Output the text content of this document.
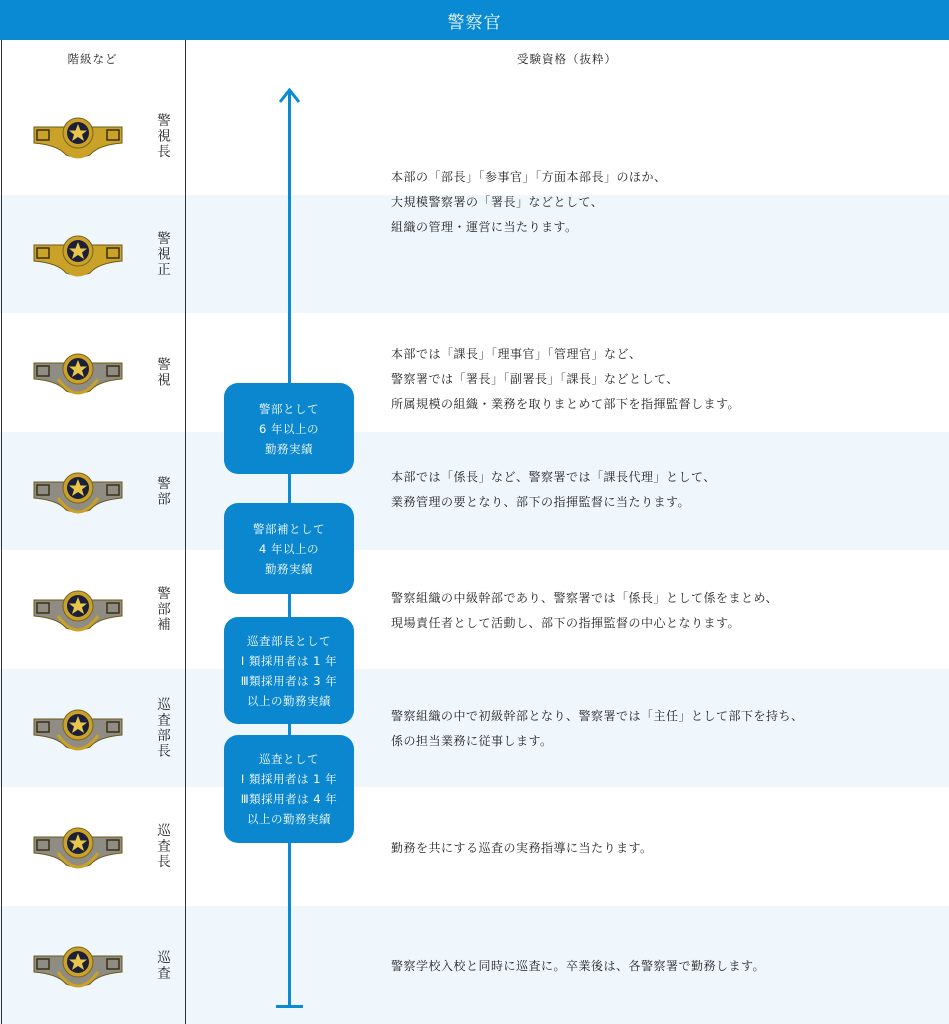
警察官
警視長
警視正
警視
警部
警部補
巡査部長
巡査長
巡査
階級など	受験資格（抜粋）
本部の「部長」「参事官」「方面本部長」のほか、
大規模警察署の「署長」などとして、
組織の管理・運営に当たります。
本部では「課長」「理事官」「管理官」など、
警察署では「署長」「副署長」「課長」などとして、
所属規模の組織・業務を取りまとめて部下を指揮監督します。
本部では「係長」など、警察署では「課長代理」として、
業務管理の要となり、部下の指揮監督に当たります。
警察組織の中級幹部であり、警察署では「係長」として係をまとめ、
現場責任者として活動し、部下の指揮監督の中心となります。
警察組織の中で初級幹部となり、警察署では「主任」として部下を持ち、
係の担当業務に従事します。
勤務を共にする巡査の実務指導に当たります。
警察学校入校と同時に巡査に。卒業後は、各警察署で勤務します。
警部として
6 年以上の
勤務実績
警部補として
4 年以上の
勤務実績
巡査部長として
Ⅰ 類採用者は 1 年
Ⅲ類採用者は 3 年
以上の勤務実績
巡査として
Ⅰ 類採用者は 1 年
Ⅲ類採用者は 4 年
以上の勤務実績
